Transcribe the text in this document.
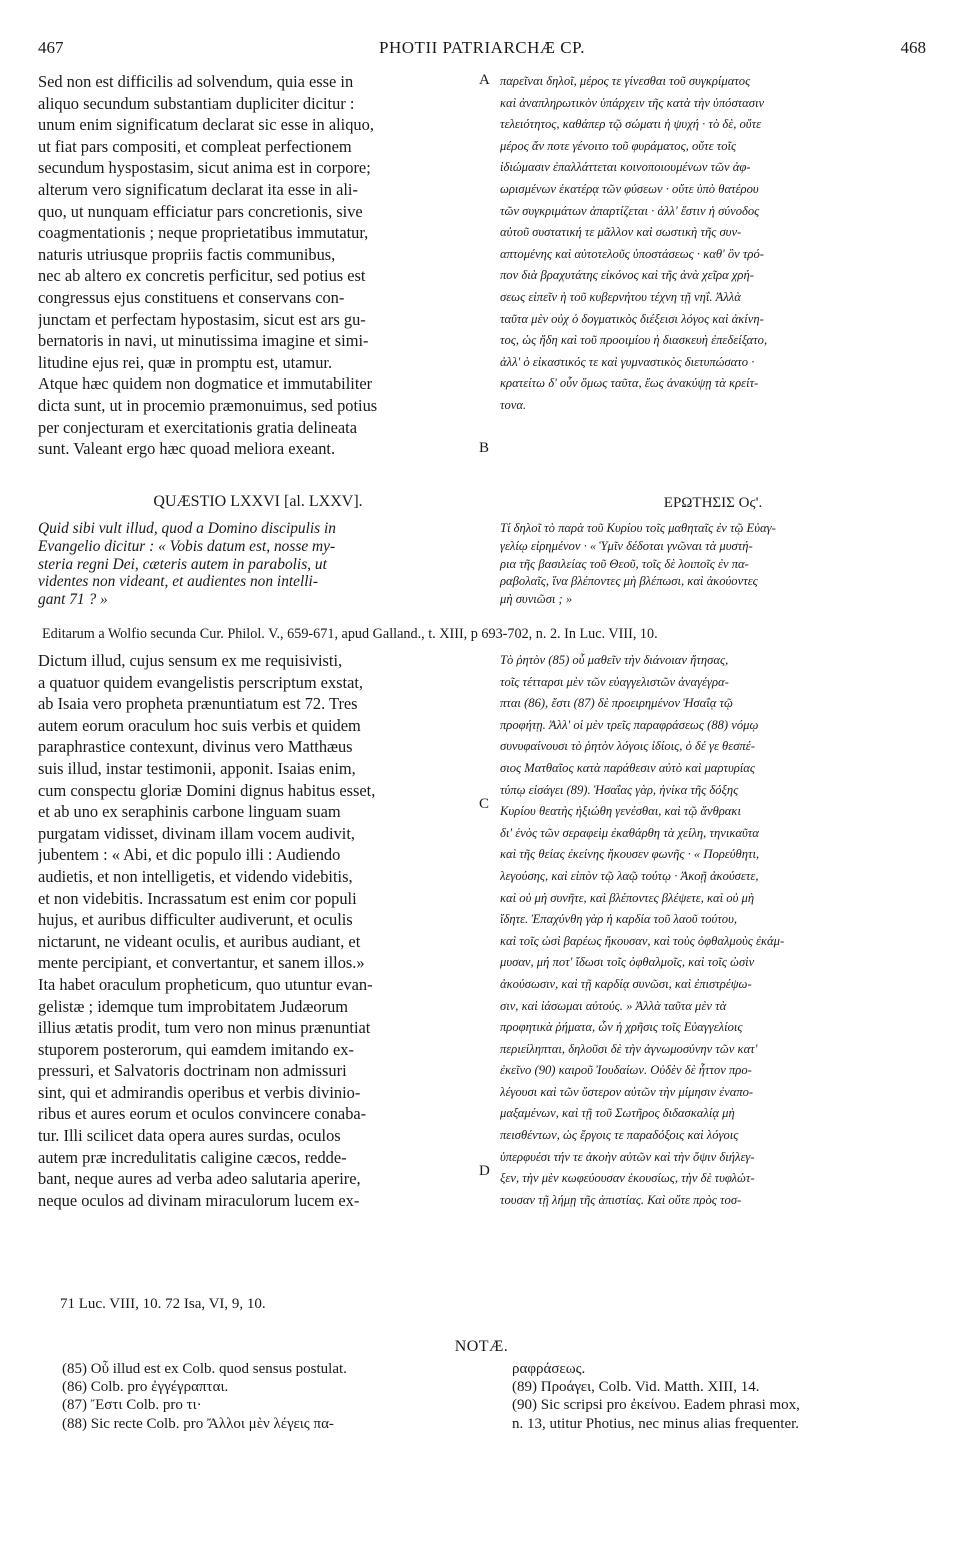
467	PHOTII PATRIARCHÆ CP.	468
Sed non est difficilis ad solvendum, quia esse in
aliquo secundum substantiam dupliciter dicitur :
unum enim significatum declarat sic esse in aliquo,
ut fiat pars compositi, et compleat perfectionem
secundum hyspostasim, sicut anima est in corpore;
alterum vero significatum declarat ita esse in ali-
quo, ut nunquam efficiatur pars concretionis, sive
coagmentationis ; neque proprietatibus immutatur,
naturis utriusque propriis factis communibus,
nec ab altero ex concretis perficitur, sed potius est
congressus ejus constituens et conservans con-
junctam et perfectam hypostasim, sicut est ars gu-
bernatoris in navi, ut minutissima imagine et simi-
litudine ejus rei, quæ in promptu est, utamur.
Atque hæc quidem non dogmatice et immutabiliter
dicta sunt, ut in procemio præmonuimus, sed potius
per conjecturam et exercitationis gratia delineata
sunt. Valeant ergo hæc quoad meliora exeant.
παρεῖναι δηλοῖ, μέρος τε γίνεσθαι τοῦ συγκρίματος
καὶ ἀναπληρωτικὸν ὑπάρχειν τῆς κατὰ τὴν ὑπόστασιν
τελειότητος, καθάπερ τῷ σώματι ἡ ψυχή · τὸ δὲ, οὔτε
μέρος ἄν ποτε γένοιτο τοῦ φυράματος, οὔτε τοῖς
ἰδιώμασιν ἐπαλλάττεται κοινοποιουμένων τῶν ἀφ-
ωρισμένων ἑκατέρᾳ τῶν φύσεων · οὔτε ὑπὸ θατέρου
τῶν συγκριμάτων ἀπαρτίζεται · ἀλλ' ἔστιν ἡ σύνοδος
αὐτοῦ συστατική τε μᾶλλον καὶ σωστικὴ τῆς συν-
απτομένης καὶ αὐτοτελοῦς ὑποστάσεως · καθ' ὃν τρό-
πον διὰ βραχυτάτης εἰκόνος καὶ τῆς ἀνὰ χεῖρα χρή-
σεως εἰπεῖν ἡ τοῦ κυβερνήτου τέχνη τῇ νηΐ. Ἀλλὰ
ταῦτα μὲν οὐχ ὁ δογματικὸς διέξεισι λόγος καὶ ἀκίνη-
τος, ὡς ἤδη καὶ τοῦ προοιμίου ἡ διασκευὴ ἐπεδείξατο,
ἀλλ' ὁ εἰκαστικός τε καὶ γυμναστικὸς διετυπώσατο ·
κρατείτω δ' οὖν ὅμως ταῦτα, ἕως ἀνακύψῃ τὰ κρείτ-
τονα.
A
B
C
D
QUÆSTIO LXXVI [al. LXXV].	ΕΡΩΤΗΣΙΣ Οϛ'.
Quid sibi vult illud, quod a Domino discipulis in
Evangelio dicitur : « Vobis datum est, nosse my-
steria regni Dei, cæteris autem in parabolis, ut
videntes non videant, et audientes non intelli-
gant 71 ? »
Τί δηλοῖ τὸ παρὰ τοῦ Κυρίου τοῖς μαθηταῖς ἐν τῷ Εὐαγ-
γελίῳ εἰρημένον · « Ὑμῖν δέδοται γνῶναι τὰ μυστή-
ρια τῆς βασιλείας τοῦ Θεοῦ, τοῖς δὲ λοιποῖς ἐν πα-
ραβολαῖς, ἵνα βλέποντες μὴ βλέπωσι, καὶ ἀκούοντες
μὴ συνιῶσι ; »
Editarum a Wolfio secunda Cur. Philol. V., 659-671, apud Galland., t. XIII, p 693-702, n. 2. In Luc. VIII, 10.
Dictum illud, cujus sensum ex me requisivisti,
a quatuor quidem evangelistis perscriptum exstat,
ab Isaia vero propheta prænuntiatum est 72. Tres
autem eorum oraculum hoc suis verbis et quidem
paraphrastice contexunt, divinus vero Matthæus
suis illud, instar testimonii, apponit. Isaias enim,
cum conspectu gloriæ Domini dignus habitus esset,
et ab uno ex seraphinis carbone linguam suam
purgatam vidisset, divinam illam vocem audivit,
jubentem : « Abi, et dic populo illi : Audiendo
audietis, et non intelligetis, et videndo videbitis,
et non videbitis. Incrassatum est enim cor populi
hujus, et auribus difficulter audiverunt, et oculis
nictarunt, ne videant oculis, et auribus audiant, et
mente percipiant, et convertantur, et sanem illos.»
Ita habet oraculum propheticum, quo utuntur evan-
gelistæ ; idemque tum improbitatem Judæorum
illius ætatis prodit, tum vero non minus prænuntiat
stuporem posterorum, qui eamdem imitando ex-
pressuri, et Salvatoris doctrinam non admissuri
sint, qui et admirandis operibus et verbis divinio-
ribus et aures eorum et oculos convincere conaba-
tur. Illi scilicet data opera aures surdas, oculos
autem præ incredulitatis caligine cæcos, redde-
bant, neque aures ad verba adeo salutaria aperire,
neque oculos ad divinam miraculorum lucem ex-
Τὸ ῥητὸν (85) οὗ μαθεῖν τὴν διάνοιαν ἤτησας,
τοῖς τέτταρσι μὲν τῶν εὐαγγελιστῶν ἀναγέγρα-
πται (86), ἔστι (87) δὲ προειρημένον Ἡσαΐᾳ τῷ
προφήτῃ. Ἀλλ' οἱ μὲν τρεῖς παραφράσεως (88) νόμῳ
συνυφαίνουσι τὸ ῥητὸν λόγοις ἰδίοις, ὁ δέ γε θεσπέ-
σιος Ματθαῖος κατὰ παράθεσιν αὐτὸ καὶ μαρτυρίας
τύπῳ εἰσάγει (89). Ἡσαΐας γὰρ, ἡνίκα τῆς δόξης
Κυρίου θεατὴς ἠξιώθη γενέσθαι, καὶ τῷ ἄνθρακι
δι' ἑνὸς τῶν σεραφεὶμ ἐκαθάρθη τὰ χείλη, τηνικαῦτα
καὶ τῆς θείας ἐκείνης ἤκουσεν φωνῆς · « Πορεύθητι,
λεγούσης, καὶ εἰπὸν τῷ λαῷ τούτῳ · Ἀκοῇ ἀκούσετε,
καὶ οὐ μὴ συνῆτε, καὶ βλέποντες βλέψετε, καὶ οὐ μὴ
ἴδητε. Ἐπαχύνθη γὰρ ἡ καρδία τοῦ λαοῦ τούτου,
καὶ τοῖς ὠσὶ βαρέως ἤκουσαν, καὶ τοὺς ὀφθαλμοὺς ἐκάμ-
μυσαν, μή ποτ' ἴδωσι τοῖς ὀφθαλμοῖς, καὶ τοῖς ὠσὶν
ἀκούσωσιν, καὶ τῇ καρδίᾳ συνῶσι, καὶ ἐπιστρέψω-
σιν, καὶ ἰάσωμαι αὐτούς. » Ἀλλὰ ταῦτα μὲν τὰ
προφητικὰ ῥήματα, ὧν ἡ χρῆσις τοῖς Εὐαγγελίοις
περιείληπται, δηλοῦσι δὲ τὴν ἀγνωμοσύνην τῶν κατ'
ἐκεῖνο (90) καιροῦ Ἰουδαίων. Οὐδὲν δὲ ἧττον προ-
λέγουσι καὶ τῶν ὕστερον αὐτῶν τὴν μίμησιν ἐναπο-
μαξαμένων, καὶ τῇ τοῦ Σωτῆρος διδασκαλίᾳ μὴ
πεισθέντων, ὡς ἔργοις τε παραδόξοις καὶ λόγοις
ὑπερφυέσι τήν τε ἀκοὴν αὐτῶν καὶ τὴν ὄψιν διήλεγ-
ξεν, τὴν μὲν κωφεύουσαν ἑκουσίως, τὴν δὲ τυφλώτ-
τουσαν τῇ λήμῃ τῆς ἀπιστίας. Καὶ οὔτε πρὸς τοσ-
71 Luc. VIII, 10. 72 Isa, VI, 9, 10.
NOTÆ.
(85) Οὗ illud est ex Colb. quod sensus postulat.
(86) Colb. pro ἐγγέγραπται.
(87) Ἔστι Colb. pro τι·
(88) Sic recte Colb. pro Ἄλλοι μὲν λέγεις πα-
ραφράσεως.
(89) Προάγει, Colb. Vid. Matth. XIII, 14.
(90) Sic scripsi pro ἐκείνου. Eadem phrasi mox,
n. 13, utitur Photius, nec minus alias frequenter.
